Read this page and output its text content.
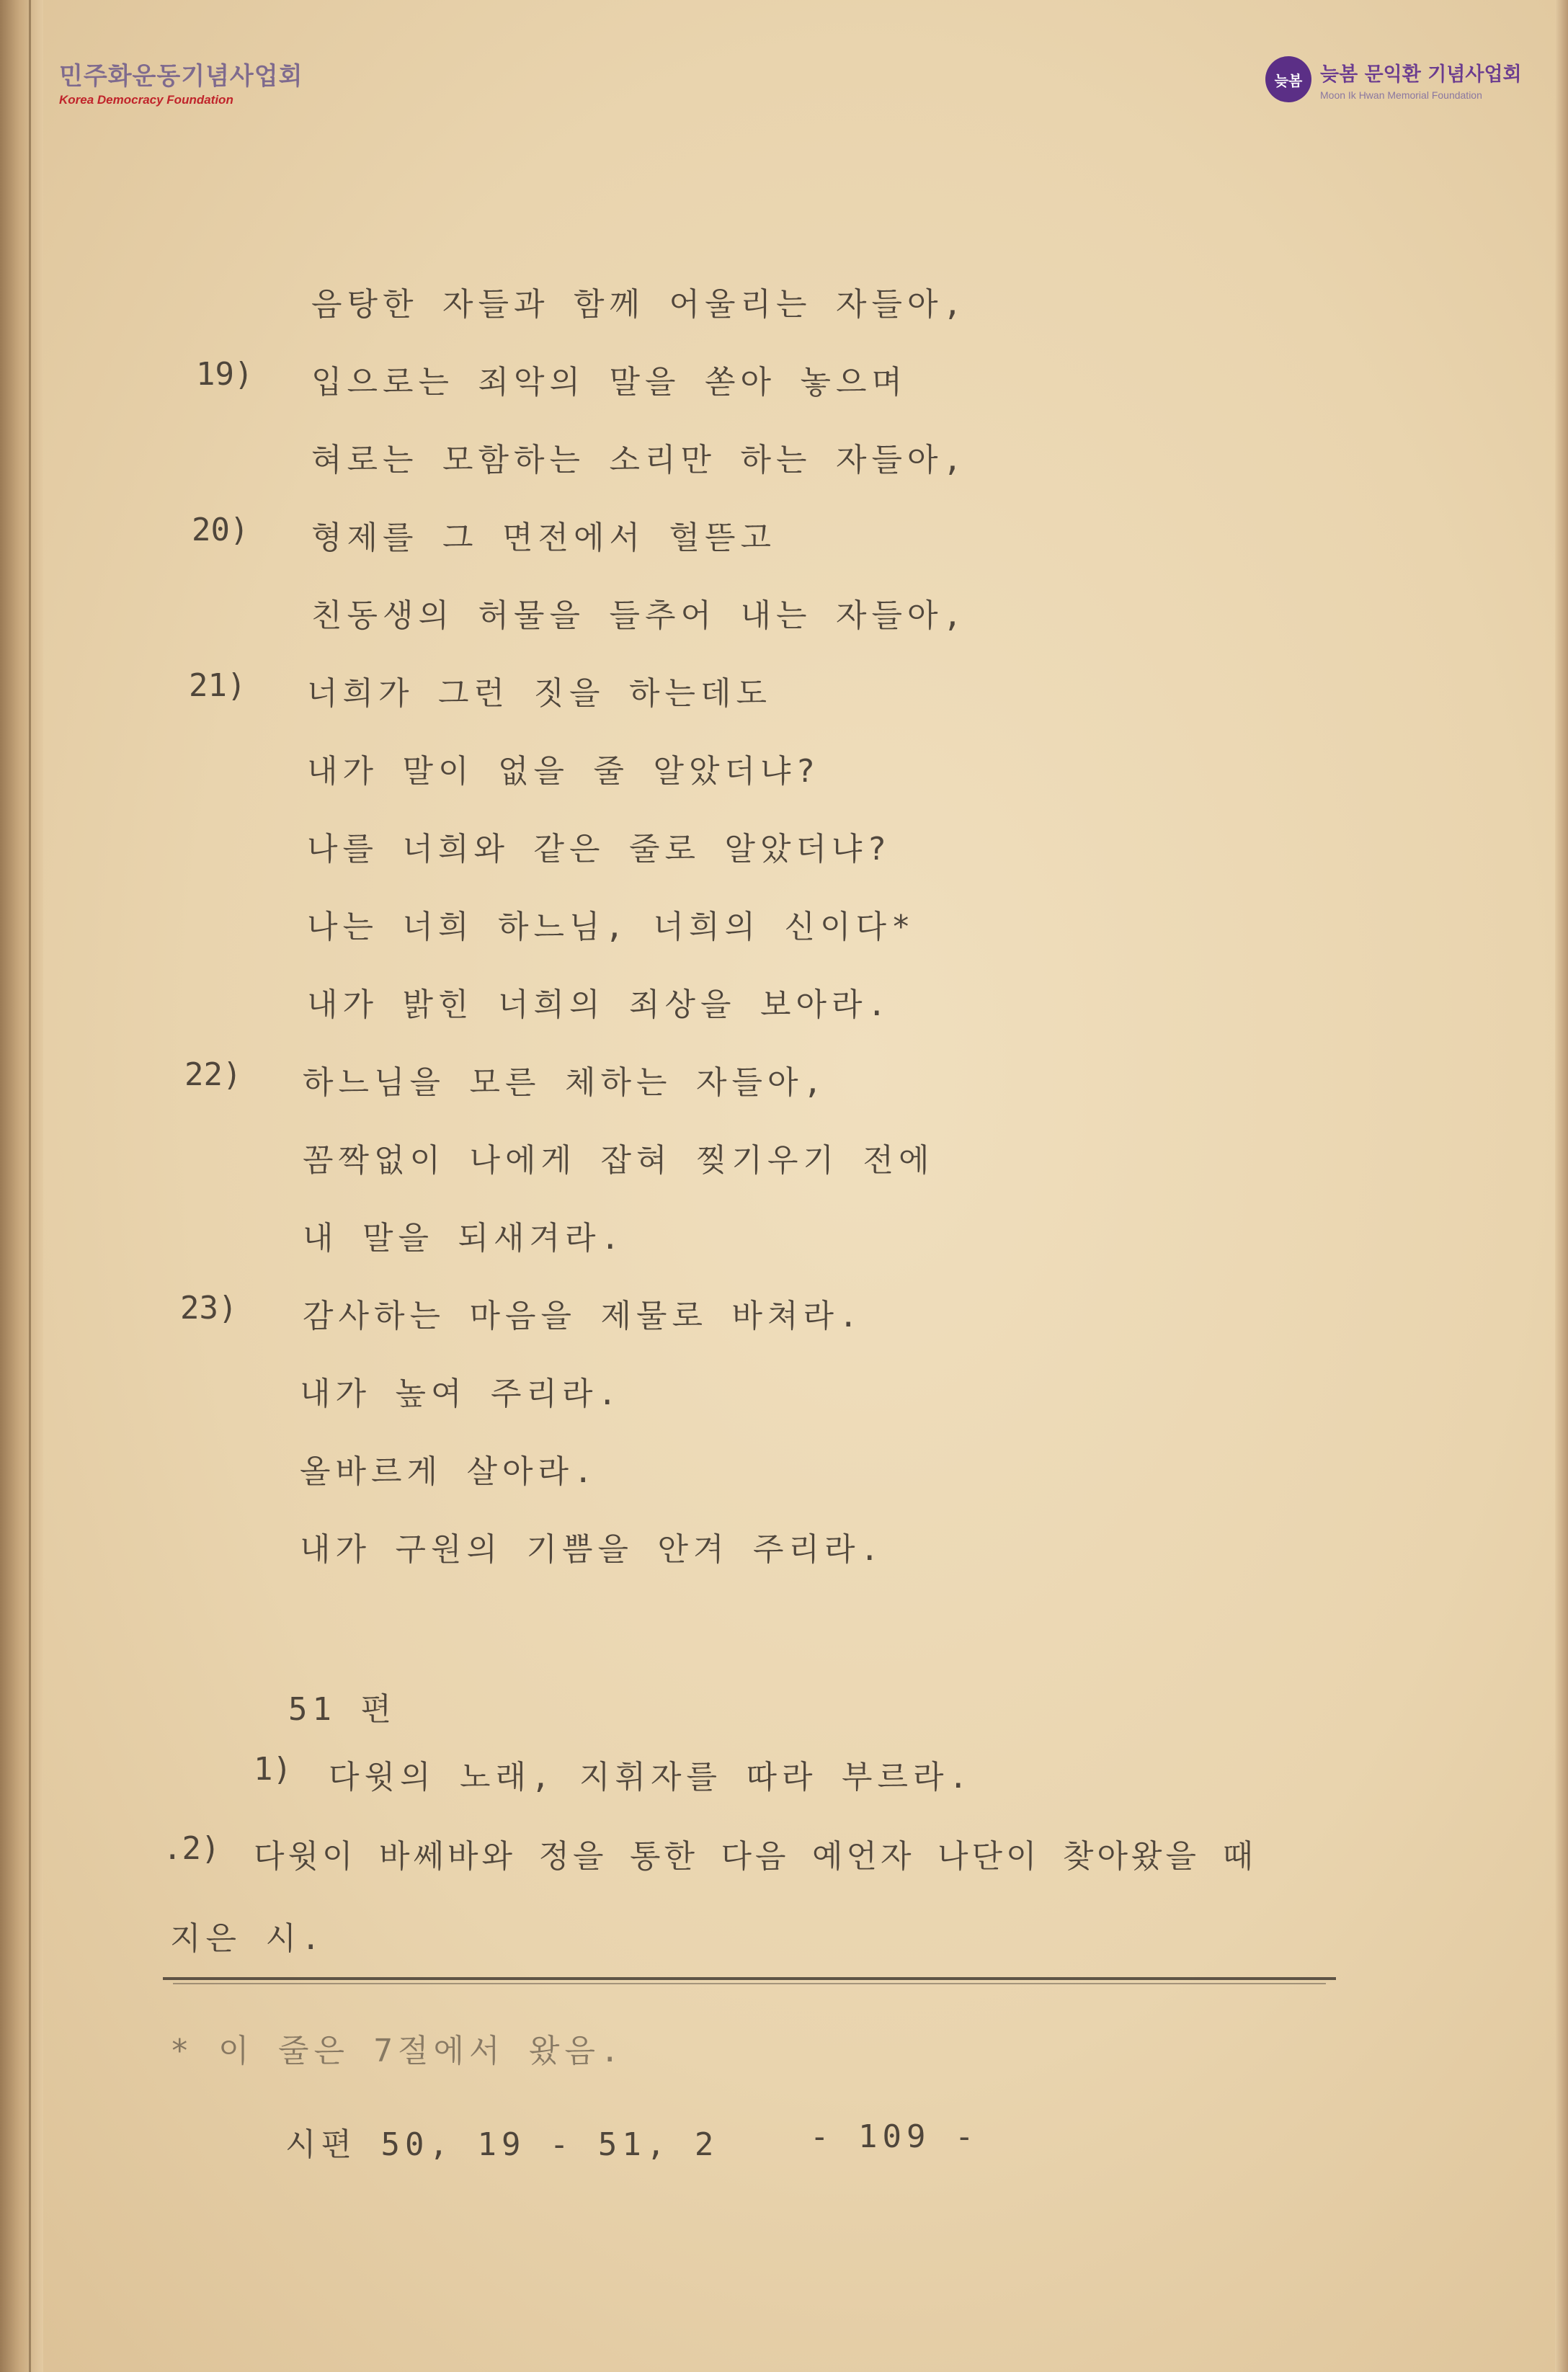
민주화운동기념사업회
Korea Democracy Foundation
늦봄 늦봄 문익환 기념사업회
Moon Ik Hwan Memorial Foundation
음탕한 자들과 함께 어울리는 자들아,
19) 입으로는 죄악의 말을 쏟아 놓으며
혀로는 모함하는 소리만 하는 자들아,
20) 형제를 그 면전에서 헐뜯고
친동생의 허물을 들추어 내는 자들아,
21) 너희가 그런 짓을 하는데도
내가 말이 없을 줄 알았더냐?
나를 너희와 같은 줄로 알았더냐?
나는 너희 하느님, 너희의 신이다*
내가 밝힌 너희의 죄상을 보아라.
22) 하느님을 모른 체하는 자들아,
꼼짝없이 나에게 잡혀 찢기우기 전에
내 말을 되새겨라.
23) 감사하는 마음을 제물로 바쳐라.
내가 높여 주리라.
올바르게 살아라.
내가 구원의 기쁨을 안겨 주리라.
51 편
1) 다윗의 노래, 지휘자를 따라 부르라.
.2) 다윗이 바쎄바와 정을 통한 다음 예언자 나단이 찾아왔을 때
지은 시.
* 이 줄은 7절에서 왔음.
시편 50, 19 - 51, 2	- 109 -
